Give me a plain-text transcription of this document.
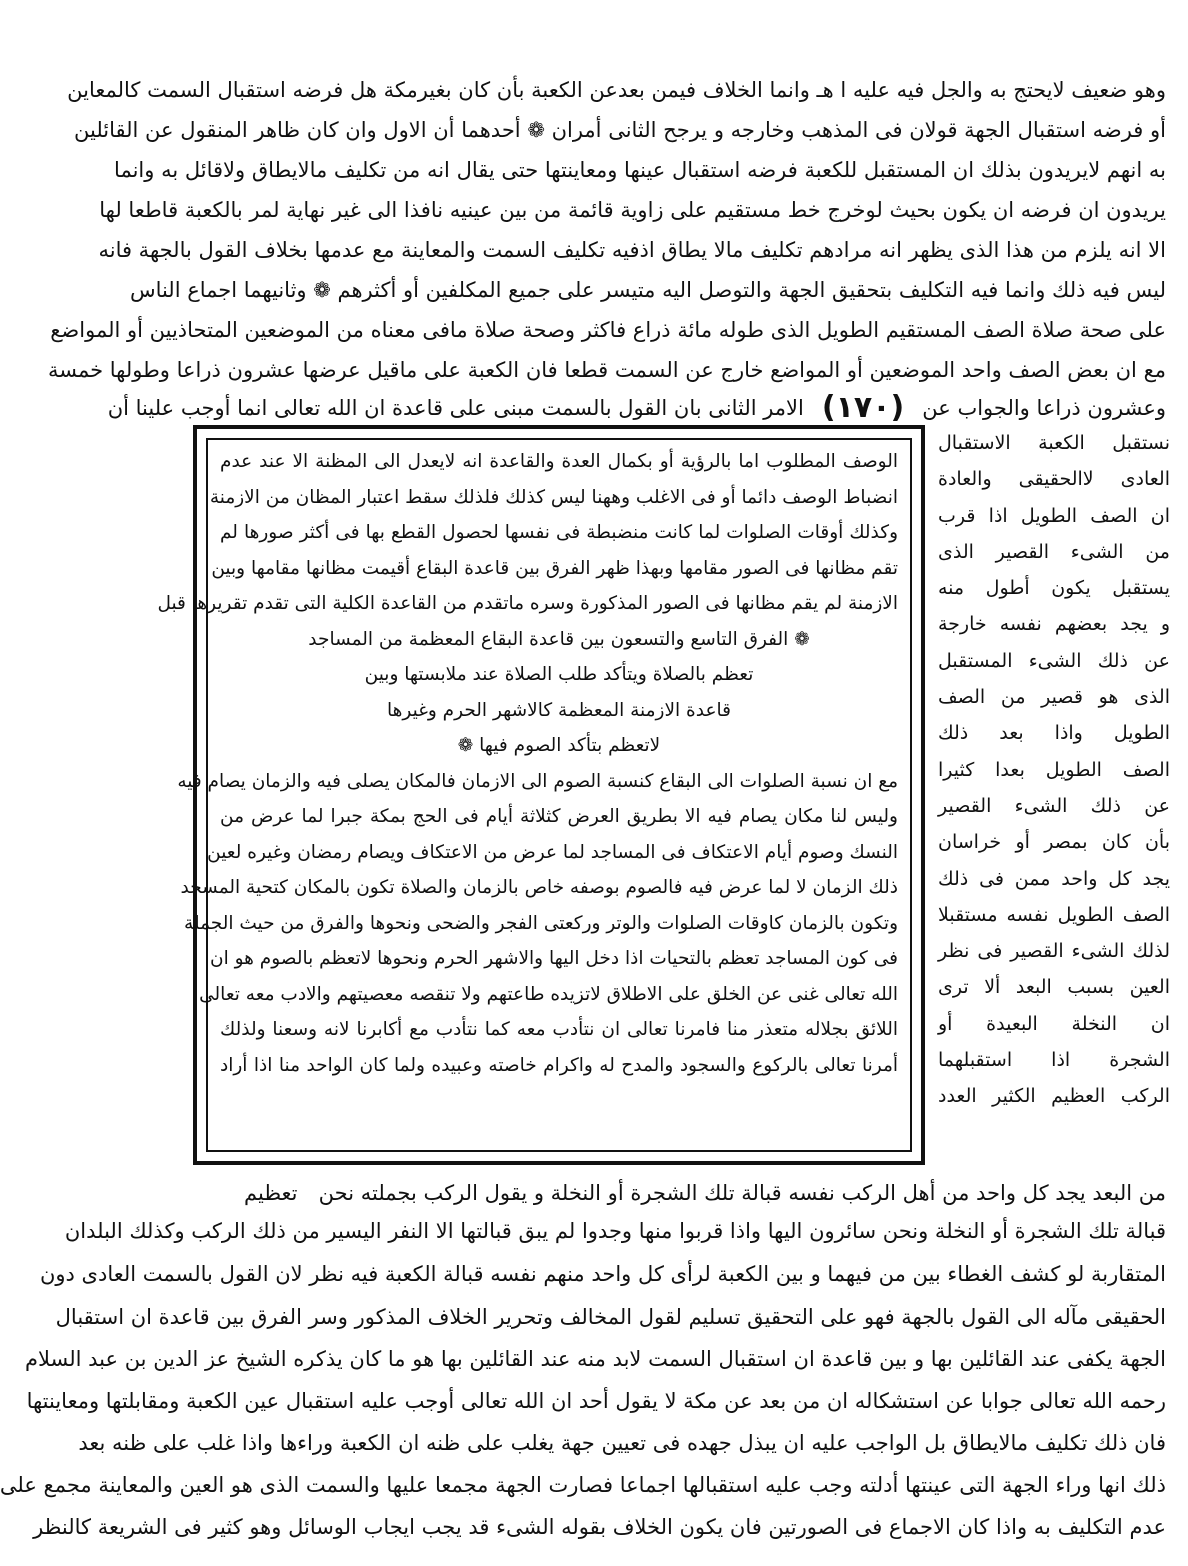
وهو ضعيف لايحتج به والجل فيه عليه ا هـ وانما الخلاف فيمن بعدعن الكعبة بأن كان بغيرمكة هل فرضه استقبال السمت كالمعاين
أو فرضه استقبال الجهة قولان فى المذهب وخارجه و يرجح الثانى أمران ❁ أحدهما أن الاول وان كان ظاهر المنقول عن القائلين
به انهم لايريدون بذلك ان المستقبل للكعبة فرضه استقبال عينها ومعاينتها حتى يقال انه من تكليف مالايطاق ولاقائل به وانما
يريدون ان فرضه ان يكون بحيث لوخرج خط مستقيم على زاوية قائمة من بين عينيه نافذا الى غير نهاية لمر بالكعبة قاطعا لها
الا انه يلزم من هذا الذى يظهر انه مرادهم تكليف مالا يطاق اذفيه تكليف السمت والمعاينة مع عدمها بخلاف القول بالجهة فانه
ليس فيه ذلك وانما فيه التكليف بتحقيق الجهة والتوصل اليه متيسر على جميع المكلفين أو أكثرهم ❁ وثانيهما اجماع الناس
على صحة صلاة الصف المستقيم الطويل الذى طوله مائة ذراع فاكثر وصحة صلاة مافى معناه من الموضعين المتحاذيين أو المواضع
مع ان بعض الصف واحد الموضعين أو المواضع خارج عن السمت قطعا فان الكعبة على ماقيل عرضها عشرون ذراعا وطولها خمسة
وعشرون ذراعا والجواب عن
(١٧٠)
الامر الثانى بان القول بالسمت مبنى على قاعدة ان الله تعالى انما أوجب علينا أن
الوصف المطلوب اما بالرؤية أو بكمال العدة والقاعدة انه لايعدل الى المظنة الا عند عدم
انضباط الوصف دائما أو فى الاغلب وههنا ليس كذلك فلذلك سقط اعتبار المظان من الازمنة
وكذلك أوقات الصلوات لما كانت منضبطة فى نفسها لحصول القطع بها فى أكثر صورها لم
تقم مظانها فى الصور مقامها وبهذا ظهر الفرق بين قاعدة البقاع أقيمت مظانها مقامها وبين
الازمنة لم يقم مظانها فى الصور المذكورة وسره ماتقدم من القاعدة الكلية التى تقدم تقريرها قبل
❁ الفرق التاسع والتسعون بين قاعدة البقاع المعظمة من المساجد
تعظم بالصلاة ويتأكد طلب الصلاة عند ملابستها وبين
قاعدة الازمنة المعظمة كالاشهر الحرم وغيرها
لاتعظم بتأكد الصوم فيها ❁
مع ان نسبة الصلوات الى البقاع كنسبة الصوم الى الازمان فالمكان يصلى فيه والزمان يصام فيه
وليس لنا مكان يصام فيه الا بطريق العرض كثلاثة أيام فى الحج بمكة جبرا لما عرض من
النسك وصوم أيام الاعتكاف فى المساجد لما عرض من الاعتكاف ويصام رمضان وغيره لعين
ذلك الزمان لا لما عرض فيه فالصوم بوصفه خاص بالزمان والصلاة تكون بالمكان كتحية المسجد
وتكون بالزمان كاوقات الصلوات والوتر وركعتى الفجر والضحى ونحوها والفرق من حيث الجملة
فى كون المساجد تعظم بالتحيات اذا دخل اليها والاشهر الحرم ونحوها لاتعظم بالصوم هو ان
الله تعالى غنى عن الخلق على الاطلاق لاتزيده طاعتهم ولا تنقصه معصيتهم والادب معه تعالى
اللائق بجلاله متعذر منا فامرنا تعالى ان نتأدب معه كما نتأدب مع أكابرنا لانه وسعنا ولذلك
أمرنا تعالى بالركوع والسجود والمدح له واكرام خاصته وعبيده ولما كان الواحد منا اذا أراد
نستقبل الكعبة الاستقبال
العادى لاالحقيقى والعادة
ان الصف الطويل اذا قرب
من الشىء القصير الذى
يستقبل يكون أطول منه
و يجد بعضهم نفسه خارجة
عن ذلك الشىء المستقبل
الذى هو قصير من الصف
الطويل واذا بعد ذلك
الصف الطويل بعدا كثيرا
عن ذلك الشىء القصير
بأن كان بمصر أو خراسان
يجد كل واحد ممن فى ذلك
الصف الطويل نفسه مستقبلا
لذلك الشىء القصير فى نظر
العين بسبب البعد ألا ترى
ان النخلة البعيدة أو
الشجرة اذا استقبلهما
الركب العظيم الكثير العدد
من البعد يجد كل واحد من أهل الركب نفسه قبالة تلك الشجرة أو النخلة و يقول الركب بجملته نحن
تعظيم
قبالة تلك الشجرة أو النخلة ونحن سائرون اليها واذا قربوا منها وجدوا لم يبق قبالتها الا النفر اليسير من ذلك الركب وكذلك البلدان
المتقاربة لو كشف الغطاء بين من فيهما و بين الكعبة لرأى كل واحد منهم نفسه قبالة الكعبة فيه نظر لان القول بالسمت العادى دون
الحقيقى مآله الى القول بالجهة فهو على التحقيق تسليم لقول المخالف وتحرير الخلاف المذكور وسر الفرق بين قاعدة ان استقبال
الجهة يكفى عند القائلين بها و بين قاعدة ان استقبال السمت لابد منه عند القائلين بها هو ما كان يذكره الشيخ عز الدين بن عبد السلام
رحمه الله تعالى جوابا عن استشكاله ان من بعد عن مكة لا يقول أحد ان الله تعالى أوجب عليه استقبال عين الكعبة ومقابلتها ومعاينتها
فان ذلك تكليف مالايطاق بل الواجب عليه ان يبذل جهده فى تعيين جهة يغلب على ظنه ان الكعبة وراءها واذا غلب على ظنه بعد
ذلك انها وراء الجهة التى عينتها أدلته وجب عليه استقبالها اجماعا فصارت الجهة مجمعا عليها والسمت الذى هو العين والمعاينة مجمع على
عدم التكليف به واذا كان الاجماع فى الصورتين فان يكون الخلاف بقوله الشىء قد يجب ايجاب الوسائل وهو كثير فى الشريعة كالنظر
